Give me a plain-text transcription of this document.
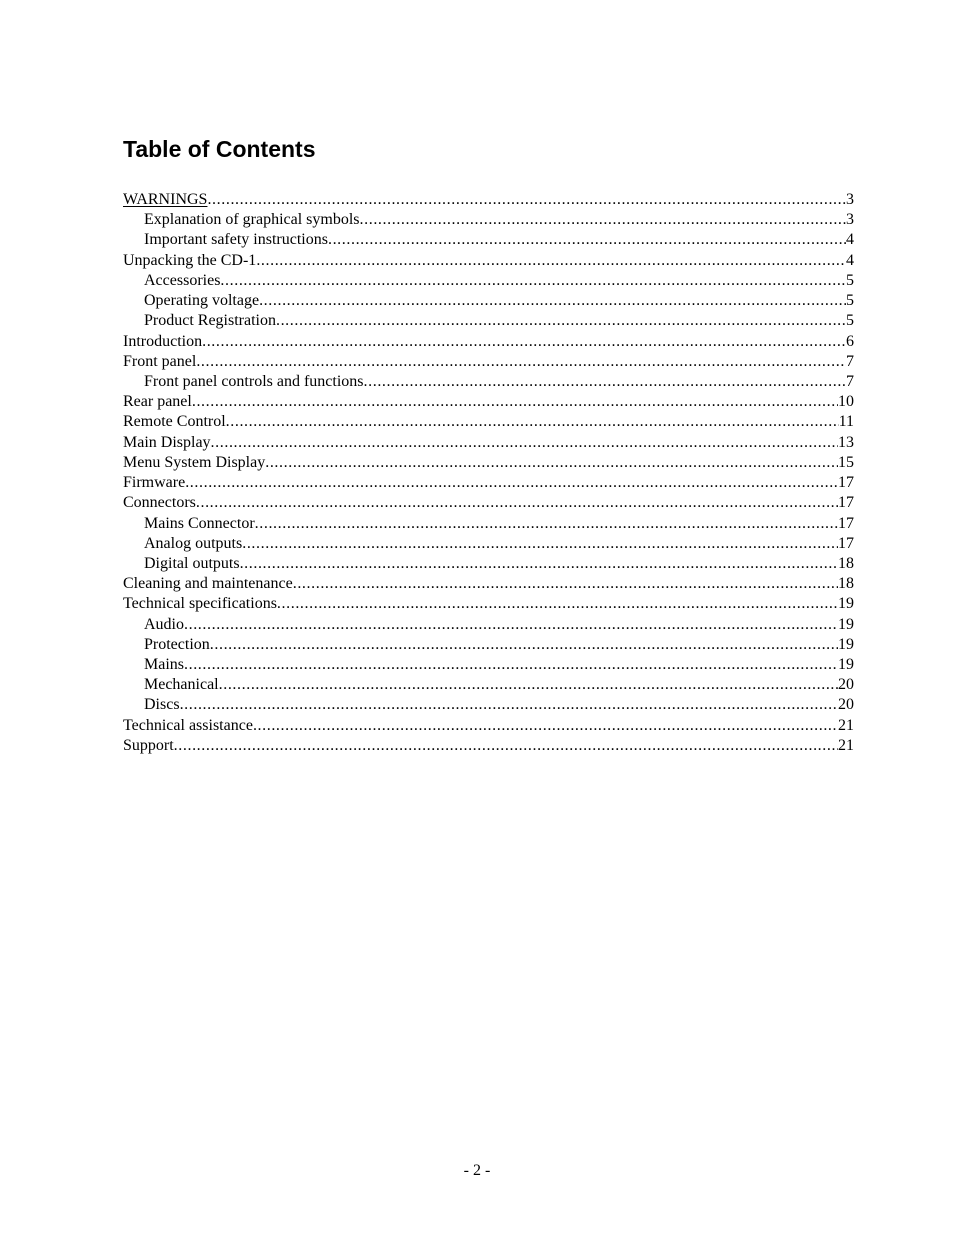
Table of Contents
WARNINGS .....	3
Explanation of graphical symbols .....	3
Important safety instructions .....	4
Unpacking the CD-1 .....	4
Accessories .....	5
Operating voltage .....	5
Product Registration .....	5
Introduction .....	6
Front panel .....	7
Front panel controls and functions .....	7
Rear panel .....	10
Remote Control .....	11
Main Display .....	13
Menu System Display .....	15
Firmware .....	17
Connectors .....	17
Mains Connector .....	17
Analog outputs .....	17
Digital outputs .....	18
Cleaning and maintenance .....	18
Technical specifications .....	19
Audio .....	19
Protection .....	19
Mains .....	19
Mechanical .....	20
Discs .....	20
Technical assistance .....	21
Support .....	21
- 2 -
